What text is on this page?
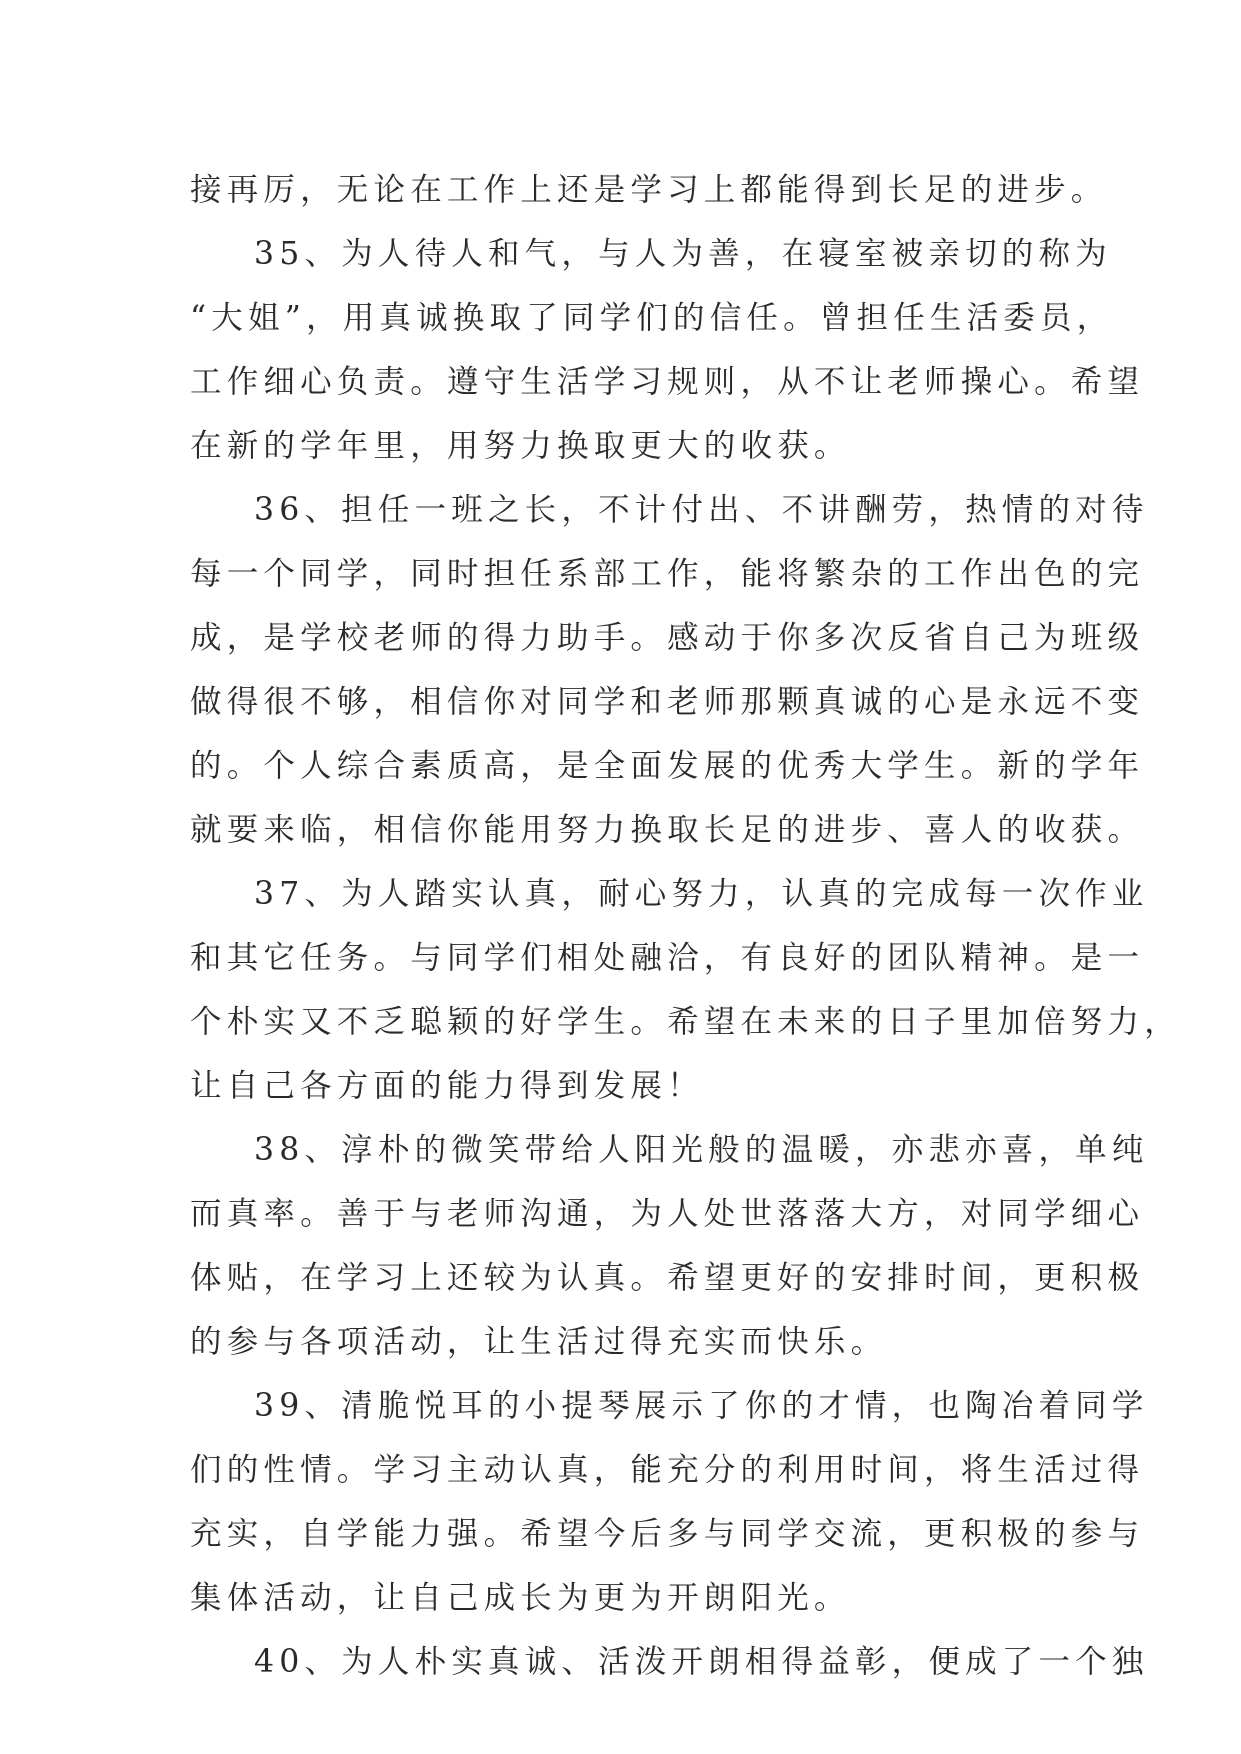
接再厉，无论在工作上还是学习上都能得到长足的进步。
35、为人待人和气，与人为善，在寝室被亲切的称为
“大姐”，用真诚换取了同学们的信任。曾担任生活委员，
工作细心负责。遵守生活学习规则，从不让老师操心。希望
在新的学年里，用努力换取更大的收获。
36、担任一班之长，不计付出、不讲酬劳，热情的对待
每一个同学，同时担任系部工作，能将繁杂的工作出色的完
成，是学校老师的得力助手。感动于你多次反省自己为班级
做得很不够，相信你对同学和老师那颗真诚的心是永远不变
的。个人综合素质高，是全面发展的优秀大学生。新的学年
就要来临，相信你能用努力换取长足的进步、喜人的收获。
37、为人踏实认真，耐心努力，认真的完成每一次作业
和其它任务。与同学们相处融洽，有良好的团队精神。是一
个朴实又不乏聪颖的好学生。希望在未来的日子里加倍努力，
让自己各方面的能力得到发展！
38、淳朴的微笑带给人阳光般的温暖，亦悲亦喜，单纯
而真率。善于与老师沟通，为人处世落落大方，对同学细心
体贴，在学习上还较为认真。希望更好的安排时间，更积极
的参与各项活动，让生活过得充实而快乐。
39、清脆悦耳的小提琴展示了你的才情，也陶冶着同学
们的性情。学习主动认真，能充分的利用时间，将生活过得
充实，自学能力强。希望今后多与同学交流，更积极的参与
集体活动，让自己成长为更为开朗阳光。
40、为人朴实真诚、活泼开朗相得益彰，便成了一个独
